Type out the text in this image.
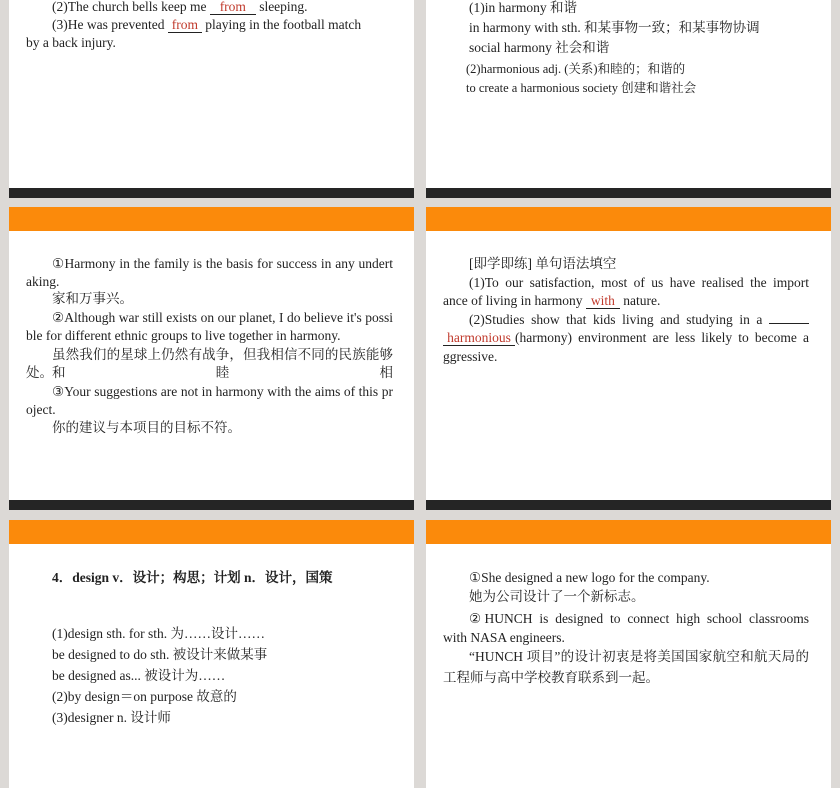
(2)The church bells keep me from sleeping.
(3)He was prevented from playing in the football match
by a back injury.
(1)in harmony 和谐
in harmony with sth. 和某事物一致；和某事物协调
social harmony 社会和谐
(2)harmonious adj. (关系)和睦的；和谐的
to create a harmonious society 创建和谐社会
①Harmony in the family is the basis for success in any undert
aking.
家和万事兴。
②Although war still exists on our planet, I do believe it's possi
ble for different ethnic groups to live together in harmony.
虽然我们的星球上仍然有战争，但我相信不同的民族能够和睦相
处。
③Your suggestions are not in harmony with the aims of this pr
oject.
你的建议与本项目的目标不符。
[即学即练] 单句语法填空
(1)To our satisfaction, most of us have realised the import
ance of living in harmony with nature.
(2)Studies show that kids living and studying in a
harmonious (harmony) environment are less likely to become a
ggressive.
4．design v．设计；构思；计划 n．设计，国策
(1)design sth. for sth. 为……设计……
be designed to do sth. 被设计来做某事
be designed as... 被设计为……
(2)by design＝on purpose 故意的
(3)designer n. 设计师
①She designed a new logo for the company.
她为公司设计了一个新标志。
②HUNCH is designed to connect high school classrooms
with NASA engineers.
“HUNCH 项目”的设计初衷是将美国国家航空和航天局的
工程师与高中学校教育联系到一起。
